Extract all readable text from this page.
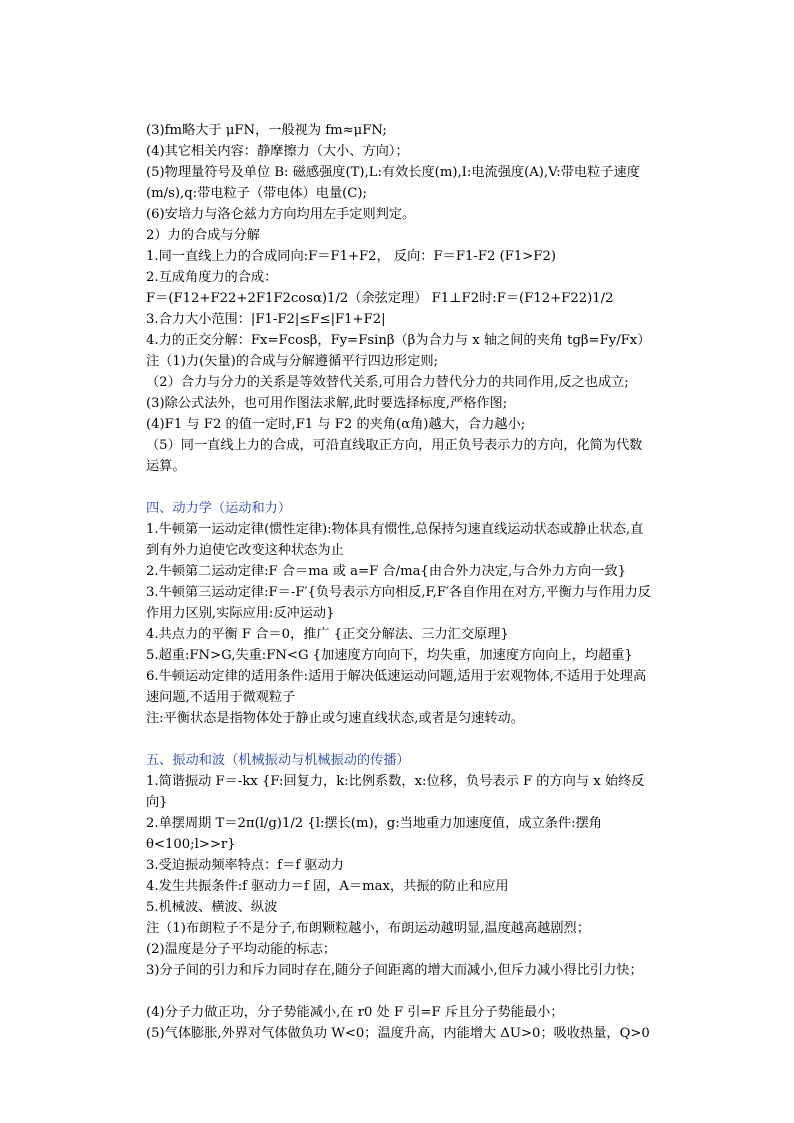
(3)fm略大于 μFN，一般视为 fm≈μFN;

(4)其它相关内容：静摩擦力（大小、方向）；

(5)物理量符号及单位 B: 磁感强度(T),L:有效长度(m),I:电流强度(A),V:带电粒子速度

(m/s),q:带电粒子（带电体）电量(C);

(6)安培力与洛仑兹力方向均用左手定则判定。

2）力的合成与分解

1.同一直线上力的合成同向:F＝F1+F2， 反向：F＝F1-F2 (F1>F2)

2.互成角度力的合成：

F＝(F12+F22+2F1F2cosα)1/2（余弦定理） F1⊥F2时:F＝(F12+F22)1/2

3.合力大小范围：|F1-F2|≤F≤|F1+F2|

4.力的正交分解：Fx=Fcosβ，Fy=Fsinβ（β为合力与 x 轴之间的夹角 tgβ=Fy/Fx）

注（1)力(矢量)的合成与分解遵循平行四边形定则;

（2）合力与分力的关系是等效替代关系,可用合力替代分力的共同作用,反之也成立;

(3)除公式法外，也可用作图法求解,此时要选择标度,严格作图;

(4)F1 与 F2 的值一定时,F1 与 F2 的夹角(α角)越大，合力越小;

（5）同一直线上力的合成，可沿直线取正方向，用正负号表示力的方向，化简为代数

运算。

四、动力学（运动和力）

1.牛顿第一运动定律(惯性定律):物体具有惯性,总保持匀速直线运动状态或静止状态,直

到有外力迫使它改变这种状态为止

2.牛顿第二运动定律:F 合＝ma 或 a=F 合/ma{由合外力决定,与合外力方向一致}

3.牛顿第三运动定律:F＝-F′{负号表示方向相反,F,F′各自作用在对方,平衡力与作用力反

作用力区别,实际应用:反冲运动}

4.共点力的平衡 F 合＝0，推广 {正交分解法、三力汇交原理}

5.超重:FN>G,失重:FN<G {加速度方向向下，均失重，加速度方向向上，均超重}

6.牛顿运动定律的适用条件:适用于解决低速运动问题,适用于宏观物体,不适用于处理高

速问题,不适用于微观粒子

注:平衡状态是指物体处于静止或匀速直线状态,或者是匀速转动。

五、振动和波（机械振动与机械振动的传播）

1.简谐振动 F＝-kx {F:回复力，k:比例系数，x:位移，负号表示 F 的方向与 x 始终反

向}

2.单摆周期 T＝2π(l/g)1/2 {l:摆长(m)，g:当地重力加速度值，成立条件:摆角

θ<100;l>>r}

3.受迫振动频率特点：f＝f 驱动力

4.发生共振条件:f 驱动力＝f 固，A＝max，共振的防止和应用

5.机械波、横波、纵波

注（1)布朗粒子不是分子,布朗颗粒越小，布朗运动越明显,温度越高越剧烈；

(2)温度是分子平均动能的标志；

3)分子间的引力和斥力同时存在,随分子间距离的增大而减小,但斥力减小得比引力快；

(4)分子力做正功，分子势能减小,在 r0 处 F 引=F 斥且分子势能最小；

(5)气体膨胀,外界对气体做负功 W<0；温度升高，内能增大 ΔU>0；吸收热量，Q>0
